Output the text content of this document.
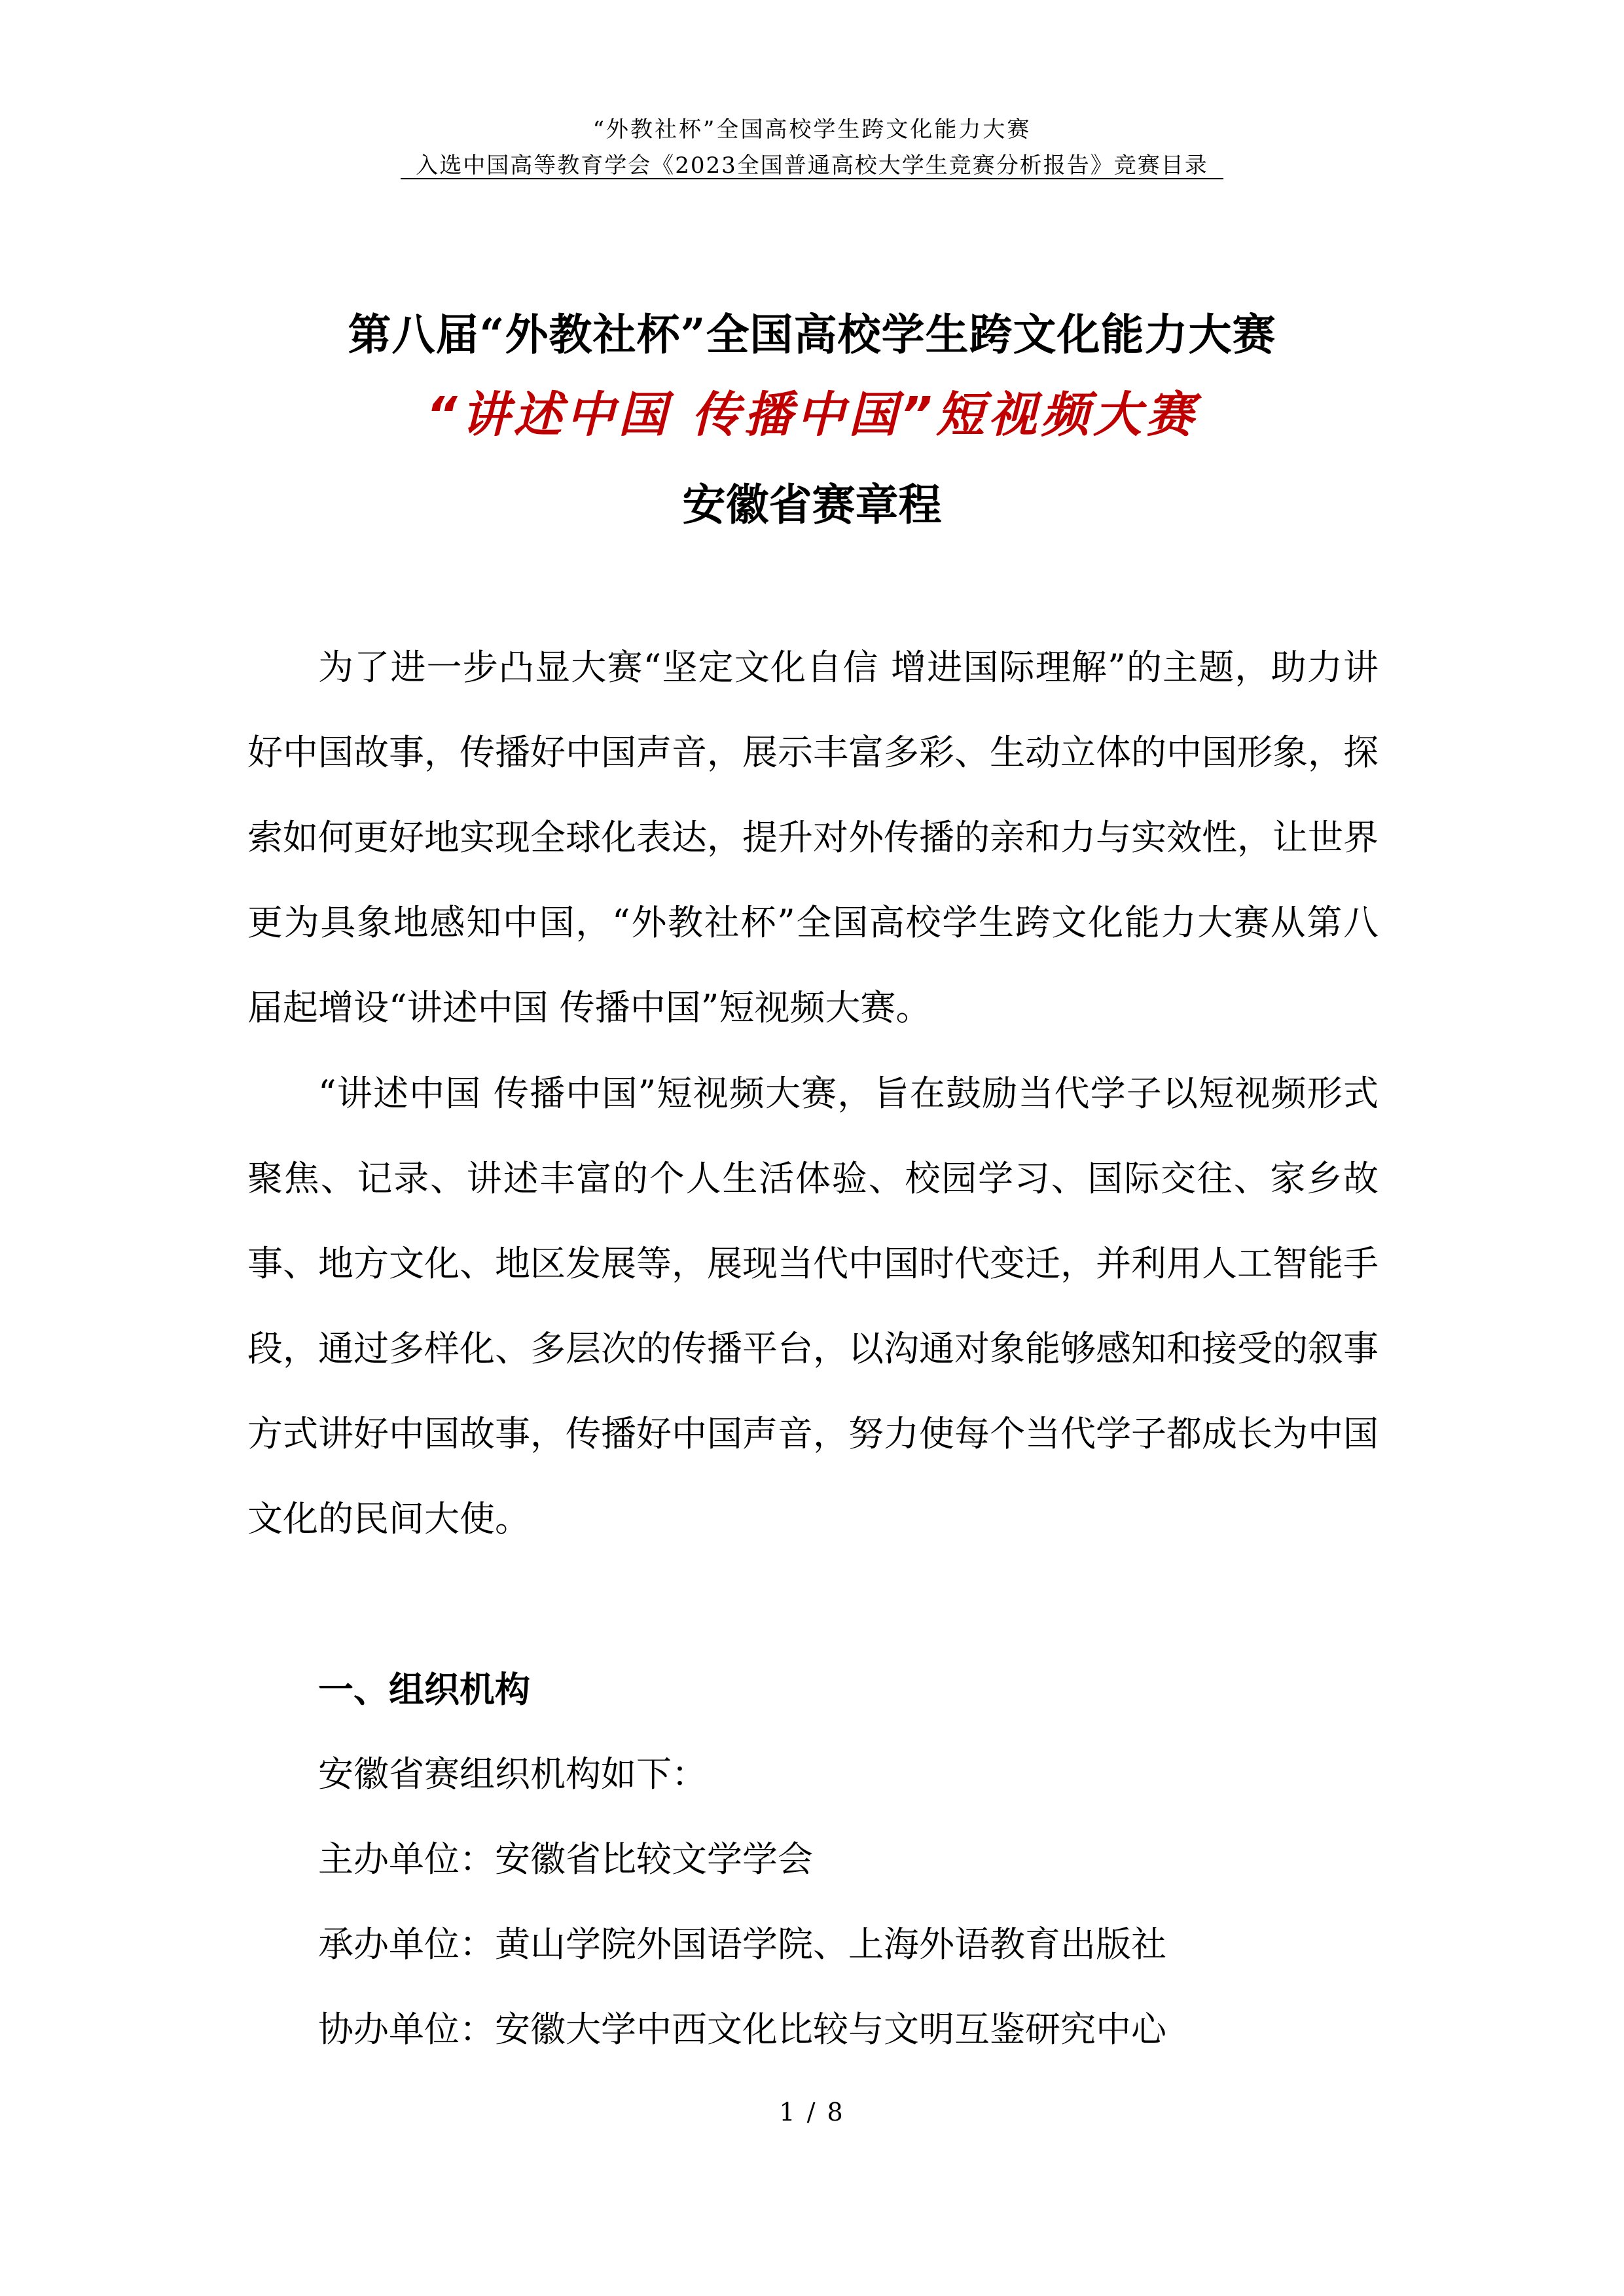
“外教社杯”全国高校学生跨文化能力大赛
入选中国高等教育学会《2023全国普通高校大学生竞赛分析报告》竞赛目录
第八届“外教社杯”全国高校学生跨文化能力大赛
“讲述中国 传播中国”短视频大赛
安徽省赛章程

为了进一步凸显大赛“坚定文化自信 增进国际理解”的主题，助力讲好中国故事，传播好中国声音，展示丰富多彩、生动立体的中国形象，探索如何更好地实现全球化表达，提升对外传播的亲和力与实效性，让世界更为具象地感知中国，“外教社杯”全国高校学生跨文化能力大赛从第八届起增设“讲述中国 传播中国”短视频大赛。

“讲述中国 传播中国”短视频大赛，旨在鼓励当代学子以短视频形式聚焦、记录、讲述丰富的个人生活体验、校园学习、国际交往、家乡故事、地方文化、地区发展等，展现当代中国时代变迁，并利用人工智能手段，通过多样化、多层次的传播平台，以沟通对象能够感知和接受的叙事方式讲好中国故事，传播好中国声音，努力使每个当代学子都成长为中国文化的民间大使。

一、组织机构
安徽省赛组织机构如下：
主办单位：安徽省比较文学学会
承办单位：黄山学院外国语学院、上海外语教育出版社
协办单位：安徽大学中西文化比较与文明互鉴研究中心
1 / 8
